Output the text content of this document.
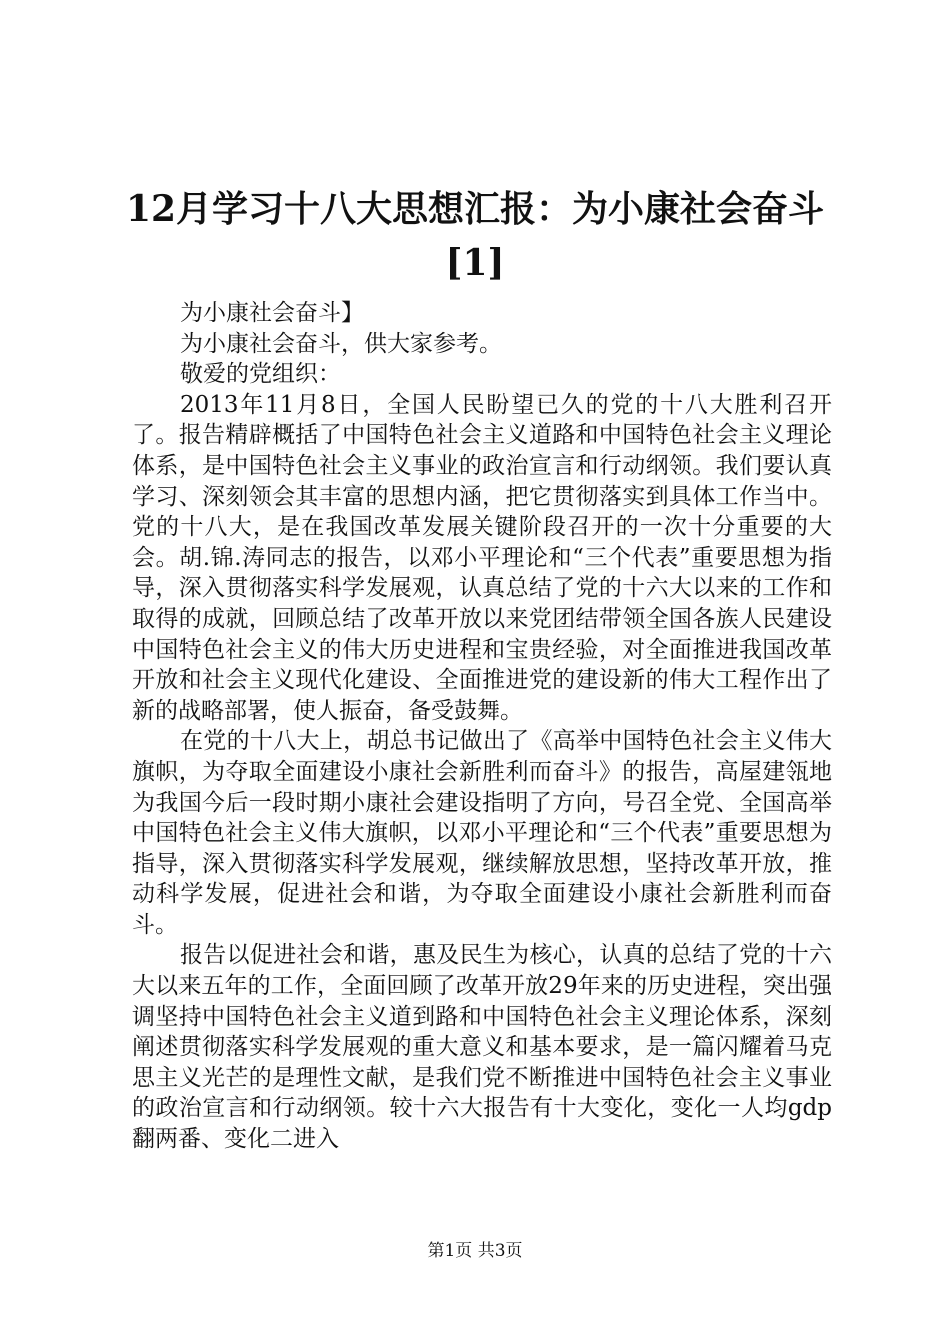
12月学习十八大思想汇报：为小康社会奋斗[1]

为小康社会奋斗】

为小康社会奋斗，供大家参考。

敬爱的党组织：

2013年11月8日，全国人民盼望已久的党的十八大胜利召开了。报告精辟概括了中国特色社会主义道路和中国特色社会主义理论体系，是中国特色社会主义事业的政治宣言和行动纲领。我们要认真学习、深刻领会其丰富的思想内涵，把它贯彻落实到具体工作当中。党的十八大，是在我国改革发展关键阶段召开的一次十分重要的大会。胡.锦.涛同志的报告，以邓小平理论和“三个代表”重要思想为指导，深入贯彻落实科学发展观，认真总结了党的十六大以来的工作和取得的成就，回顾总结了改革开放以来党团结带领全国各族人民建设中国特色社会主义的伟大历史进程和宝贵经验，对全面推进我国改革开放和社会主义现代化建设、全面推进党的建设新的伟大工程作出了新的战略部署，使人振奋，备受鼓舞。

在党的十八大上，胡总书记做出了《高举中国特色社会主义伟大旗帜，为夺取全面建设小康社会新胜利而奋斗》的报告，高屋建瓴地为我国今后一段时期小康社会建设指明了方向，号召全党、全国高举中国特色社会主义伟大旗帜，以邓小平理论和“三个代表”重要思想为指导，深入贯彻落实科学发展观，继续解放思想，坚持改革开放，推动科学发展，促进社会和谐，为夺取全面建设小康社会新胜利而奋斗。

报告以促进社会和谐，惠及民生为核心，认真的总结了党的十六大以来五年的工作，全面回顾了改革开放29年来的历史进程，突出强调坚持中国特色社会主义道到路和中国特色社会主义理论体系，深刻阐述贯彻落实科学发展观的重大意义和基本要求，是一篇闪耀着马克思主义光芒的是理性文献，是我们党不断推进中国特色社会主义事业的政治宣言和行动纲领。较十六大报告有十大变化，变化一人均gdp翻两番、变化二进入

第1页 共3页
